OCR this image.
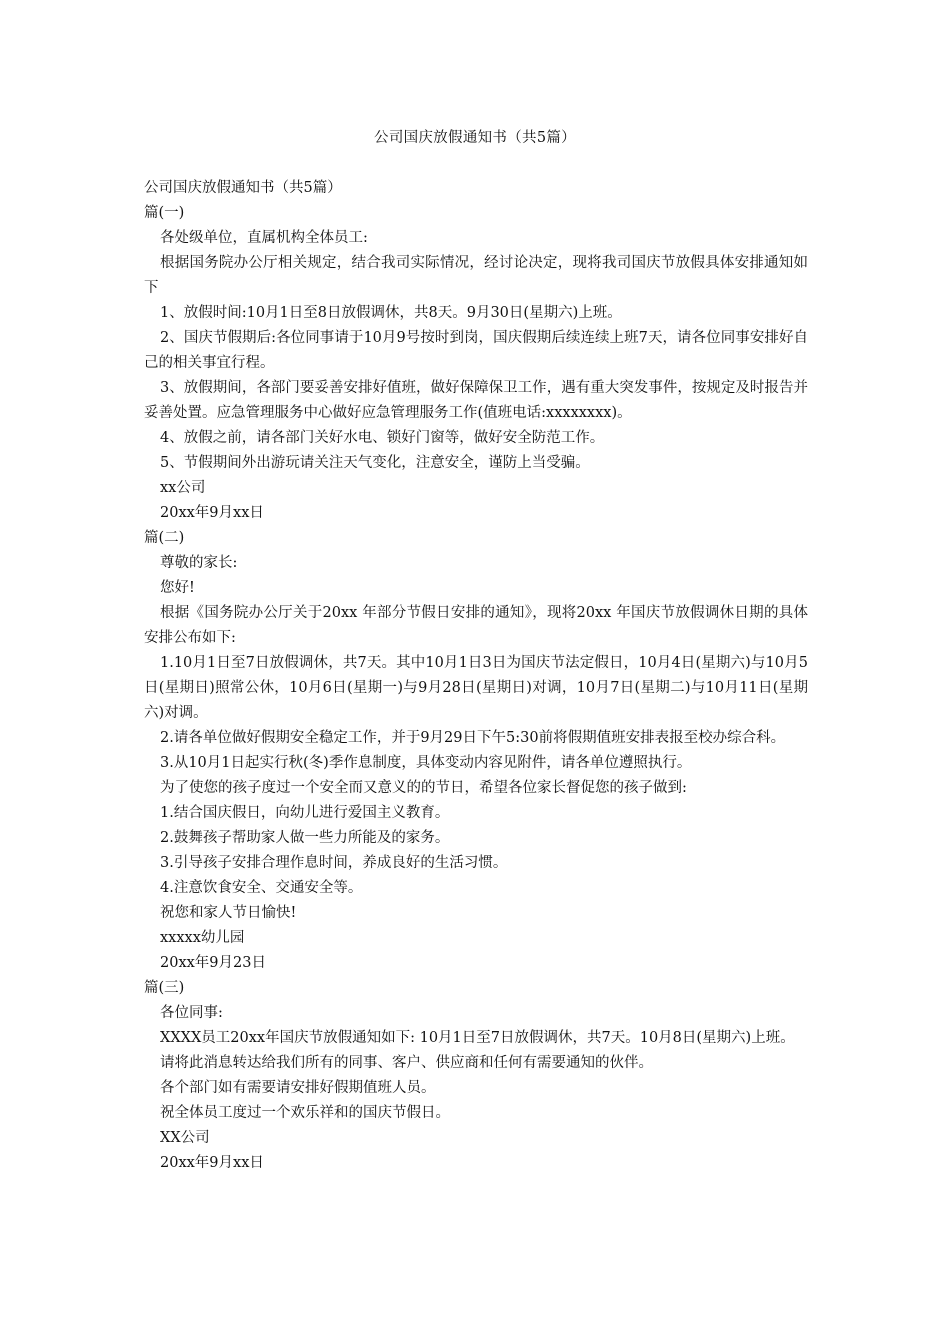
公司国庆放假通知书（共5篇）

公司国庆放假通知书（共5篇）

篇(一)

各处级单位，直属机构全体员工:

根据国务院办公厅相关规定，结合我司实际情况，经讨论决定，现将我司国庆节放假具体安排通知如下

1、放假时间:10月1日至8日放假调休，共8天。9月30日(星期六)上班。

2、国庆节假期后:各位同事请于10月9号按时到岗，国庆假期后续连续上班7天，请各位同事安排好自己的相关事宜行程。

3、放假期间，各部门要妥善安排好值班，做好保障保卫工作，遇有重大突发事件，按规定及时报告并妥善处置。应急管理服务中心做好应急管理服务工作(值班电话:xxxxxxxx)。

4、放假之前，请各部门关好水电、锁好门窗等，做好安全防范工作。

5、节假期间外出游玩请关注天气变化，注意安全，谨防上当受骗。

xx公司

20xx年9月xx日

篇(二)

尊敬的家长:

您好!

根据《国务院办公厅关于20xx 年部分节假日安排的通知》，现将20xx 年国庆节放假调休日期的具体安排公布如下:

1.10月1日至7日放假调休，共7天。其中10月1日3日为国庆节法定假日，10月4日(星期六)与10月5日(星期日)照常公休，10月6日(星期一)与9月28日(星期日)对调，10月7日(星期二)与10月11日(星期六)对调。

2.请各单位做好假期安全稳定工作，并于9月29日下午5:30前将假期值班安排表报至校办综合科。

3.从10月1日起实行秋(冬)季作息制度，具体变动内容见附件，请各单位遵照执行。

为了使您的孩子度过一个安全而又意义的的节日，希望各位家长督促您的孩子做到:

1.结合国庆假日，向幼儿进行爱国主义教育。

2.鼓舞孩子帮助家人做一些力所能及的家务。

3.引导孩子安排合理作息时间，养成良好的生活习惯。

4.注意饮食安全、交通安全等。

祝您和家人节日愉快!

xxxxx幼儿园

20xx年9月23日

篇(三)

各位同事:

XXXX员工20xx年国庆节放假通知如下: 10月1日至7日放假调休，共7天。10月8日(星期六)上班。

请将此消息转达给我们所有的同事、客户、供应商和任何有需要通知的伙伴。

各个部门如有需要请安排好假期值班人员。

祝全体员工度过一个欢乐祥和的国庆节假日。

XX公司

20xx年9月xx日
